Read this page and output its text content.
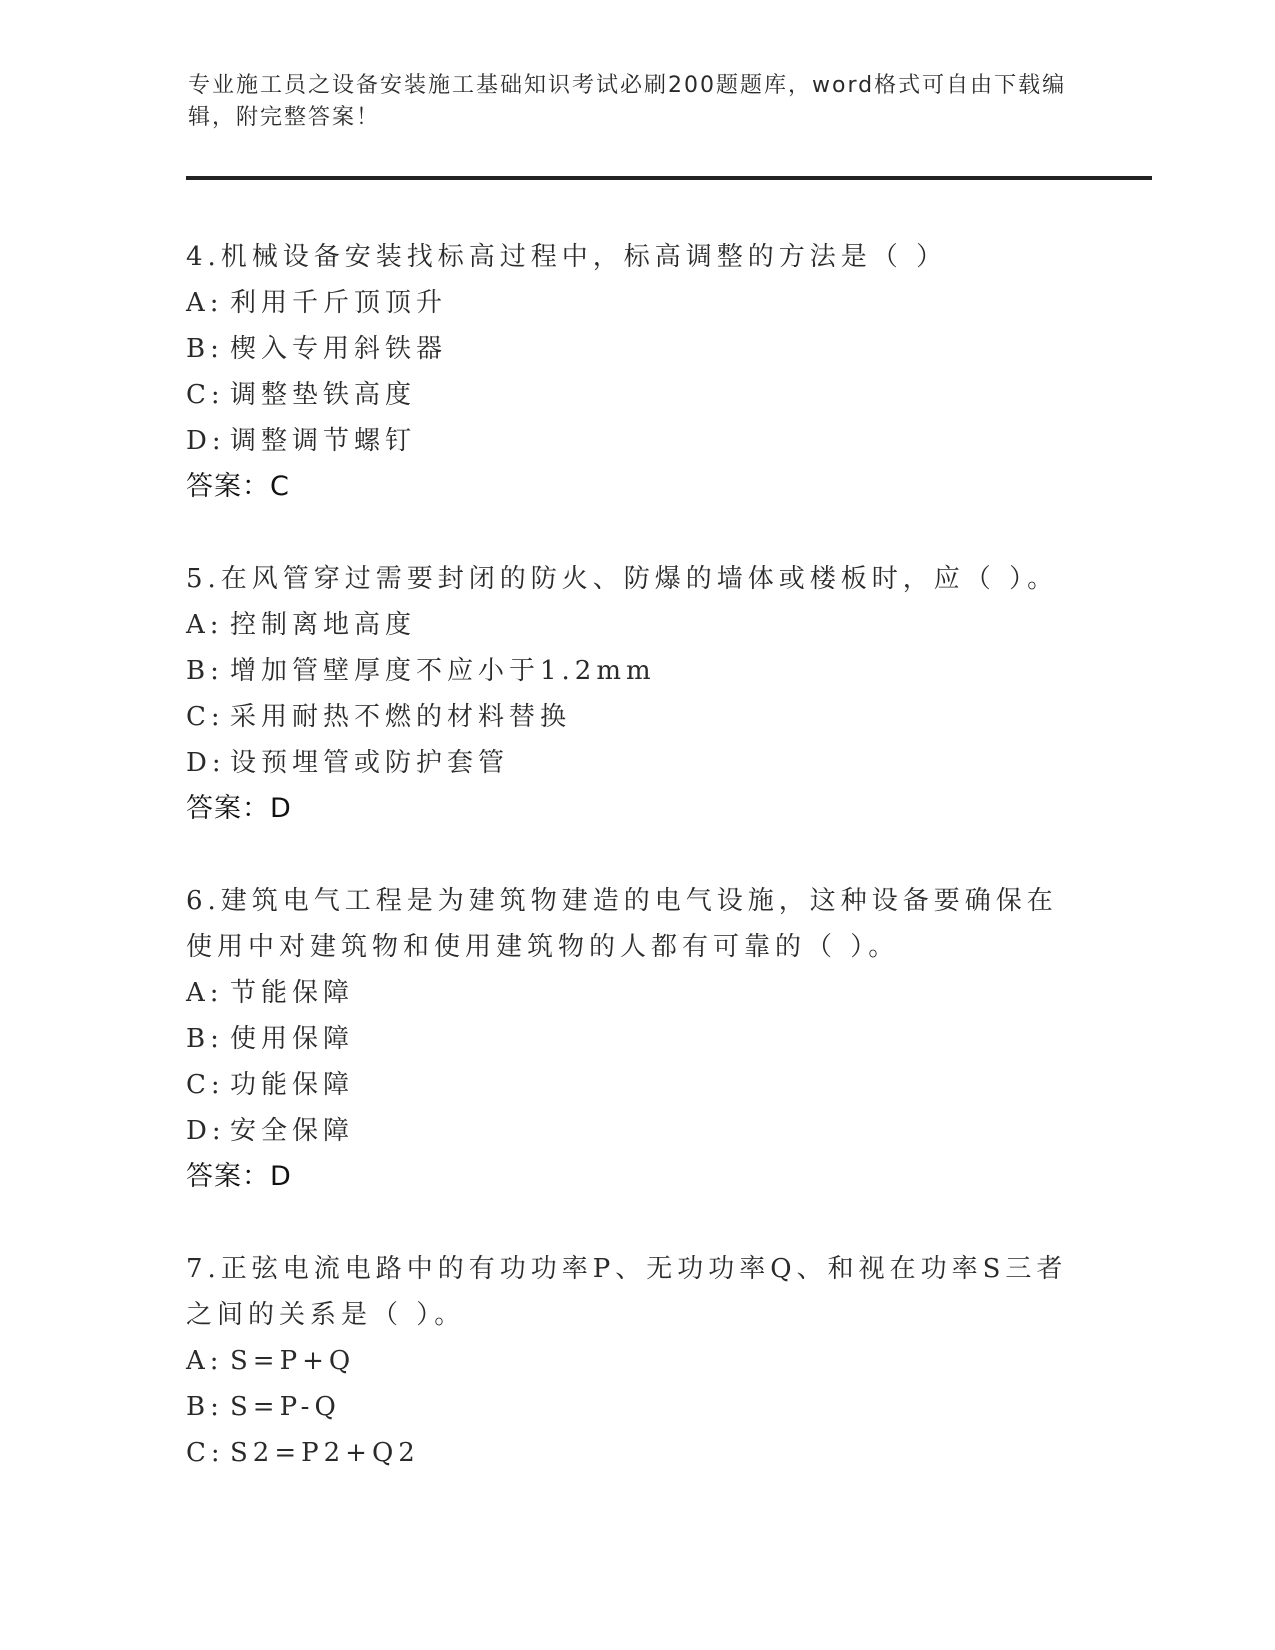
专业施工员之设备安装施工基础知识考试必刷200题题库，word格式可自由下载编辑，附完整答案！
4.机械设备安装找标高过程中，标高调整的方法是（ ）
A: 利用千斤顶顶升
B: 楔入专用斜铁器
C: 调整垫铁高度
D: 调整调节螺钉
答案：C
5.在风管穿过需要封闭的防火、防爆的墙体或楼板时，应（ ）。
A: 控制离地高度
B: 增加管壁厚度不应小于1.2mm
C: 采用耐热不燃的材料替换
D: 设预埋管或防护套管
答案：D
6.建筑电气工程是为建筑物建造的电气设施，这种设备要确保在使用中对建筑物和使用建筑物的人都有可靠的（ ）。
A: 节能保障
B: 使用保障
C: 功能保障
D: 安全保障
答案：D
7.正弦电流电路中的有功功率P、无功功率Q、和视在功率S三者之间的关系是（ ）。
A: S=P+Q
B: S=P-Q
C: S2=P2+Q2
